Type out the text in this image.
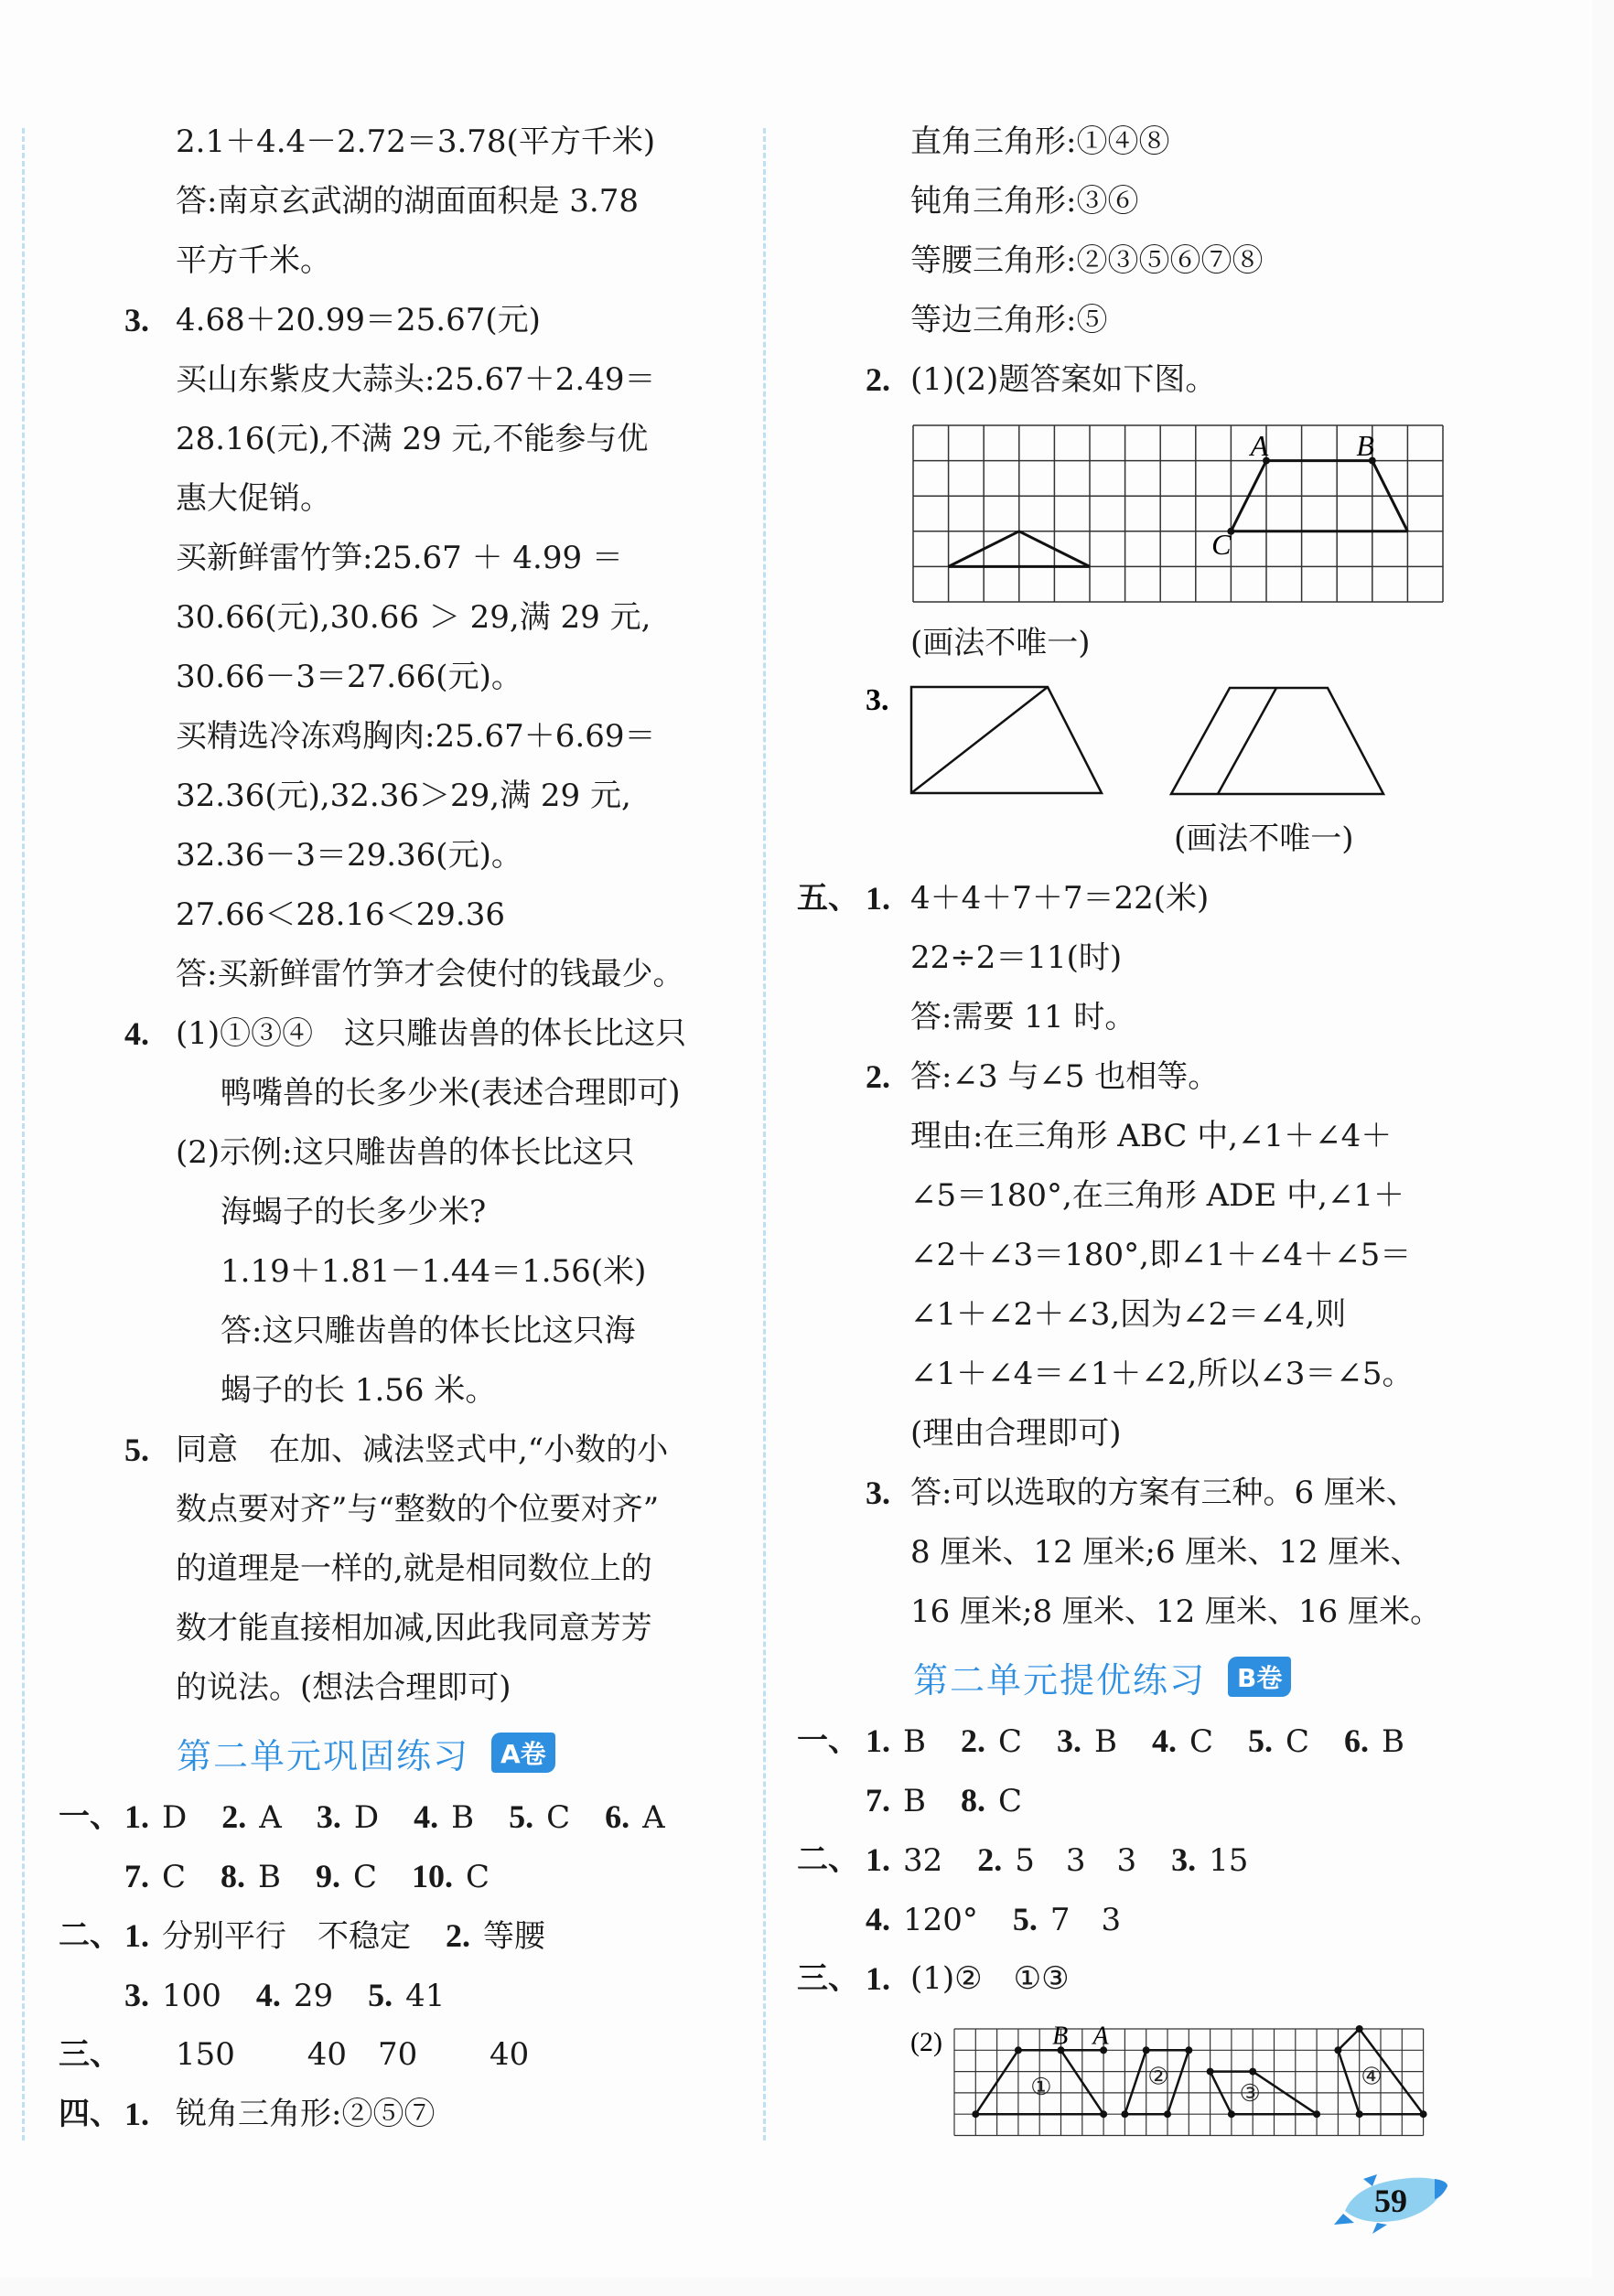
2.1＋4.4－2.72＝3.78(平方千米)
答:南京玄武湖的湖面面积是 3.78
平方千米。
3. 4.68＋20.99＝25.67(元)
买山东紫皮大蒜头:25.67＋2.49＝
28.16(元),不满 29 元,不能参与优
惠大促销。
买新鲜雷竹笋:25.67 ＋ 4.99 ＝
30.66(元),30.66 ＞ 29,满 29 元,
30.66－3＝27.66(元)。
买精选冷冻鸡胸肉:25.67＋6.69＝
32.36(元),32.36＞29,满 29 元,
32.36－3＝29.36(元)。
27.66＜28.16＜29.36
答:买新鲜雷竹笋才会使付的钱最少。
4. (1)①③④　这只雕齿兽的体长比这只
鸭嘴兽的长多少米(表述合理即可)
(2)示例:这只雕齿兽的体长比这只
海蝎子的长多少米?
1.19＋1.81－1.44＝1.56(米)
答:这只雕齿兽的体长比这只海
蝎子的长 1.56 米。
5. 同意　在加、减法竖式中,“小数的小
数点要对齐”与“整数的个位要对齐”
的道理是一样的,就是相同数位上的
数才能直接相加减,因此我同意芳芳
的说法。(想法合理即可)
第二单元巩固练习	A卷
一、 1. D 2. A 3. D 4. B 5. C 6. A
7. C 8. B 9. C 10. C
二、 1. 分别平行　不稳定 2. 等腰
3. 100 4. 29 5. 41
三、 150　　 40　70　　 40
四、 1. 锐角三角形:②⑤⑦
直角三角形:①④⑧
钝角三角形:③⑥
等腰三角形:②③⑤⑥⑦⑧
等边三角形:⑤
2. (1)(2)题答案如下图。
A	B
C
(画法不唯一)
3.
(画法不唯一)
五、 1. 4＋4＋7＋7＝22(米)
22÷2＝11(时)
答:需要 11 时。
2. 答:∠3 与∠5 也相等。
理由:在三角形 ABC 中,∠1＋∠4＋
∠5＝180°,在三角形 ADE 中,∠1＋
∠2＋∠3＝180°,即∠1＋∠4＋∠5＝
∠1＋∠2＋∠3,因为∠2＝∠4,则
∠1＋∠4＝∠1＋∠2,所以∠3＝∠5。
(理由合理即可)
3. 答:可以选取的方案有三种。6 厘米、
8 厘米、12 厘米;6 厘米、12 厘米、
16 厘米;8 厘米、12 厘米、16 厘米。
第二单元提优练习	B卷
一、 1. B 2. C 3. B 4. C 5. C 6. B
7. B 8. C
二、 1. 32 2. 5　3　3 3. 15
4. 120° 5. 7　3
三、 1. (1)②　①③
(2)	B A
①	②
③
④
59
